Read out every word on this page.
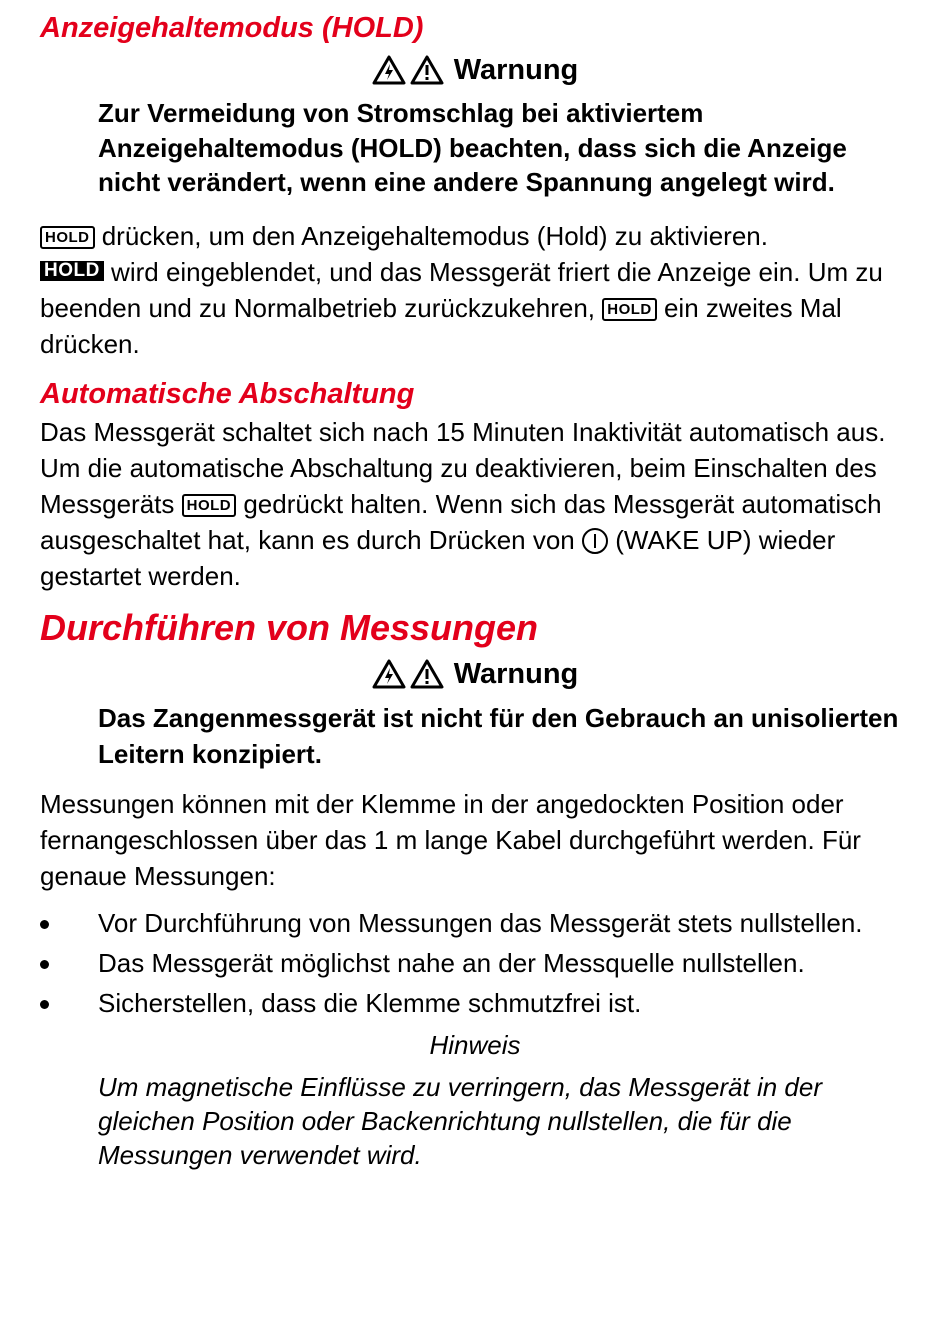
Anzeigehaltemodus (HOLD)
Warnung

Zur Vermeidung von Stromschlag bei aktiviertem Anzeigehaltemodus (HOLD) beachten, dass sich die Anzeige nicht verändert, wenn eine andere Spannung angelegt wird.

HOLD drücken, um den Anzeigehaltemodus (Hold) zu aktivieren.
HOLD wird eingeblendet, und das Messgerät friert die Anzeige ein. Um zu beenden und zu Normalbetrieb zurückzukehren, HOLD ein zweites Mal drücken.

Automatische Abschaltung

Das Messgerät schaltet sich nach 15 Minuten Inaktivität automatisch aus. Um die automatische Abschaltung zu deaktivieren, beim Einschalten des Messgeräts HOLD gedrückt halten. Wenn sich das Messgerät automatisch ausgeschaltet hat, kann es durch Drücken von  (WAKE UP) wieder gestartet werden.

Durchführen von Messungen
Warnung

Das Zangenmessgerät ist nicht für den Gebrauch an unisolierten Leitern konzipiert.

Messungen können mit der Klemme in der angedockten Position oder fernangeschlossen über das 1 m lange Kabel durchgeführt werden. Für genaue Messungen:

Vor Durchführung von Messungen das Messgerät stets nullstellen.
Das Messgerät möglichst nahe an der Messquelle nullstellen.
Sicherstellen, dass die Klemme schmutzfrei ist.

Hinweis

Um magnetische Einflüsse zu verringern, das Messgerät in der gleichen Position oder Backenrichtung nullstellen, die für die Messungen verwendet wird.
